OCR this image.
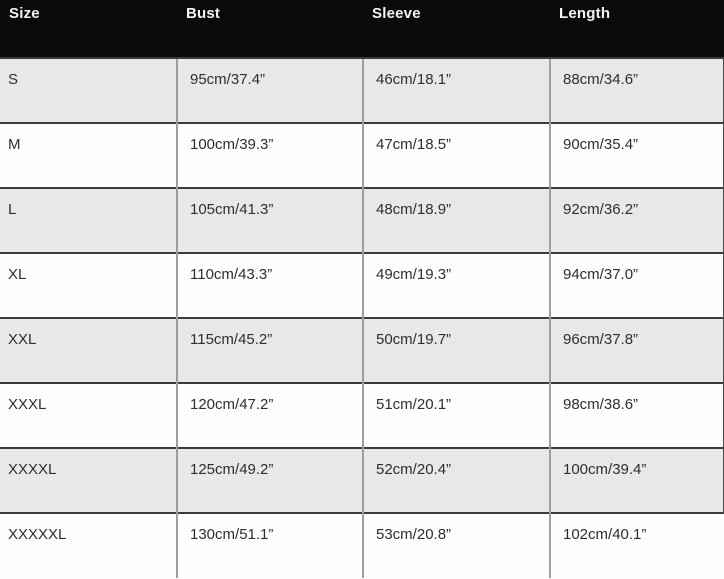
Size	Bust	Sleeve	Length
S	95cm/37.4”	46cm/18.1”	88cm/34.6”
M	100cm/39.3”	47cm/18.5”	90cm/35.4”
L	105cm/41.3”	48cm/18.9”	92cm/36.2”
XL	110cm/43.3”	49cm/19.3”	94cm/37.0”
XXL	115cm/45.2”	50cm/19.7”	96cm/37.8”
XXXL	120cm/47.2”	51cm/20.1”	98cm/38.6”
XXXXL	125cm/49.2”	52cm/20.4”	100cm/39.4”
XXXXXL	130cm/51.1”	53cm/20.8”	102cm/40.1”
